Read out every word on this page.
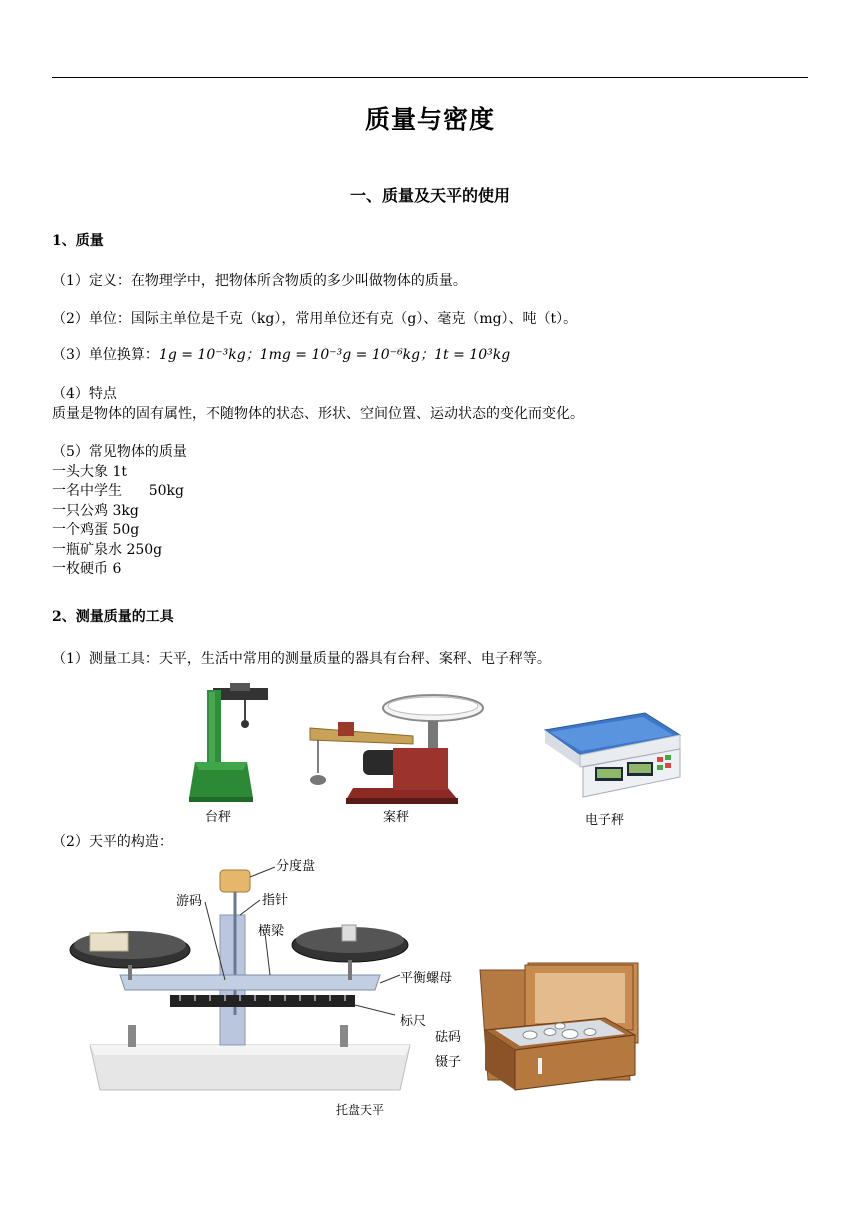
质量与密度
一、质量及天平的使用
1、质量
（1）定义：在物理学中，把物体所含物质的多少叫做物体的质量。
（2）单位：国际主单位是千克（kg），常用单位还有克（g）、毫克（mg）、吨（t）。
（3）单位换算：1g = 10⁻³kg；1mg = 10⁻³g = 10⁻⁶kg；1t = 10³kg
（4）特点
质量是物体的固有属性，不随物体的状态、形状、空间位置、运动状态的变化而变化。
（5）常见物体的质量
一头大象 1t
一名中学生      50kg
一只公鸡 3kg
一个鸡蛋 50g
一瓶矿泉水 250g
一枚硬币 6
2、测量质量的工具
（1）测量工具：天平，生活中常用的测量质量的器具有台秤、案秤、电子秤等。
台秤	案秤	电子秤
（2）天平的构造：
分度盘
游码	指针
横梁
平衡螺母
标尺
砝码
镊子
托盘天平
